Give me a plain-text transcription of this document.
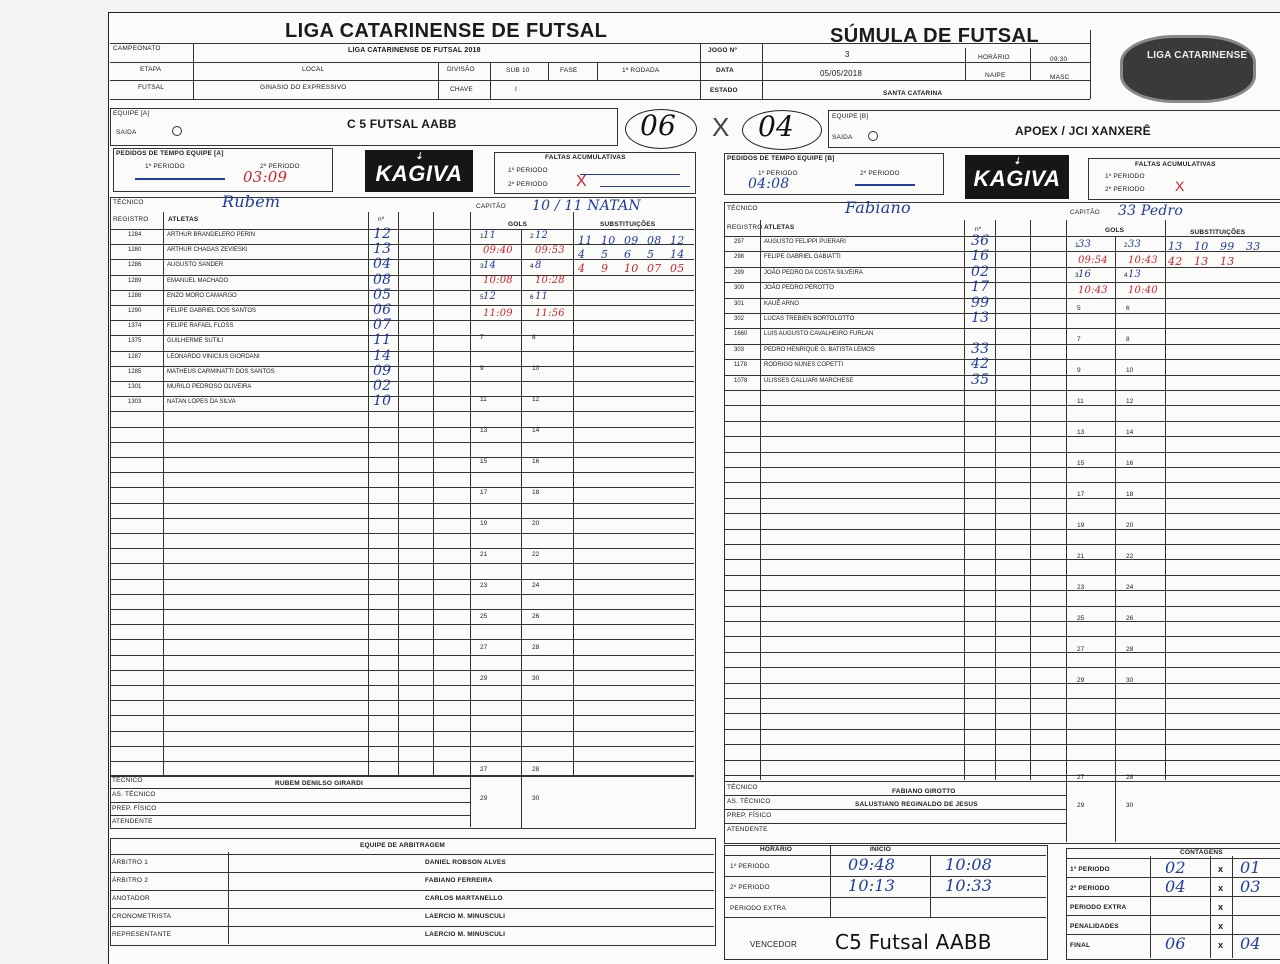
LIGA CATARINENSE DE FUTSAL	SÚMULA DE FUTSAL
CAMPEONATO	LIGA CATARINENSE DE FUTSAL 2018	JOGO Nº	3	HORÁRIO	09:30
ETAPA	LOCAL	DIVISÃO	SUB 10	FASE	1ª RODADA	DATA	05/05/2018	NAIPE	MASC
FUTSAL	GINASIO DO EXPRESSIVO	CHAVE	I	ESTADO	SANTA CATARINA
LIGA CATARINENSE
EQUIPE [A]
SAIDA
C 5 FUTSAL AABB	06 X 04	EQUIPE [B]
SAIDA	APOEX / JCI XANXERÊ
PEDIDOS DE TEMPO EQUIPE [A]
1º PERIODO	2º PERIODO
03:09
⇣
KAGIVA
FALTAS ACUMULATIVAS
1º PERIODO
2º PERIODO X
PEDIDOS DE TEMPO EQUIPE [B]
1º PERIODO	2º PERIODO
04:08
⇣
KAGIVA
FALTAS ACUMULATIVAS
1º PERIODO
2º PERIODO X
TÉCNICO	Rubem	CAPITÃO 10 / 11 NATAN
REGISTRO	ATLETAS	nº
GOLS	SUBSTITUIÇÕES
1284	ARTHUR BRANDELERO PERIN	12
1280	ARTHUR CHAGAS ZEVIESKI	13
1286	AUGUSTO SANDER	04
1289	EMANUEL MACHADO	08
1288	ENZO MORO CAMARGO	05
1290	FELIPE GABRIEL DOS SANTOS	06
1374	FELIPE RAFAEL FLOSS	07
1375	GUILHERME SUTILI	11
1287	LEONARDO VINICIUS GIORDANI	14
1285	MATHEUS CARMINATTI DOS SANTOS	09
1301	MURILO PEDROSO OLIVEIRA	02
1303	NATAN LOPES DA SILVA	10
1 11	2 12
09:40 09:53
3 14	4 8
10:08 10:28
5 12	6 11
11:09 11:56
7	8
9	10
11	12
13	14
15	16
17	18
19	20
21	22
23	24
25	26
27	28
29	30
27	28
29	30
11 10 09 08 12
4 5 6 5 14
4 9 10 07 05
TÉCNICO	RUBEM DENILSO GIRARDI
AS. TÉCNICO
PREP. FÍSICO
ATENDENTE
TÉCNICO	Fabiano	CAPITÃO 33 Pedro
REGISTRO ATLETAS	nº	GOLS	SUBSTITUIÇÕES
297	AUGUSTO FELIPPI PUERARI	36
298	FELIPE GABRIEL GABIATTI	16
299	JOÃO PEDRO DA COSTA SILVEIRA	02
300	JOÃO PEDRO PEROTTO	17
301	KAUÊ ARNO	99
302	LUCAS TREBIEN BORTOLOTTO	13
1660	LUIS AUGUSTO CAVALHEIRO FURLAN
303	PEDRO HENRIQUE G. BATISTA LEMOS	33
1178	RODRIGO NUNES COPETTI	42
1078	ULISSES CALLIARI MARCHESE	35
1 33	2 33
09:54 10:43
3 16	4 13
10:43 10:40
5	6
7	8
9	10
11	12
13	14
15	16
17	18
19	20
21	22
23	24
25	26
27	28
29	30
27	28
29	30
13 10 99 33
42 13 13
TÉCNICO
FABIANO GIROTTO
AS. TÉCNICO	SALUSTIANO REGINALDO DE JESUS
PREP. FÍSICO
ATENDENTE
EQUIPE DE ARBITRAGEM
ÁRBITRO 1	DANIEL ROBSON ALVES
ÁRBITRO 2	FABIANO FERREIRA
ANOTADOR	CARLOS MARTANELLO
CRONOMETRISTA	LAERCIO M. MINUSCULI
REPRESENTANTE	LAERCIO M. MINUSCULI
HORÁRIO	INÍCIO
1º PERIODO	09:48	10:08
2º PERIODO	10:13	10:33
PERIODO EXTRA
VENCEDOR C5 Futsal AABB
CONTAGENS
1º PERIODO	02	x 01
2º PERIODO	04	x 03
PERIODO EXTRA	x
PENALIDADES	x
FINAL	06	x 04
